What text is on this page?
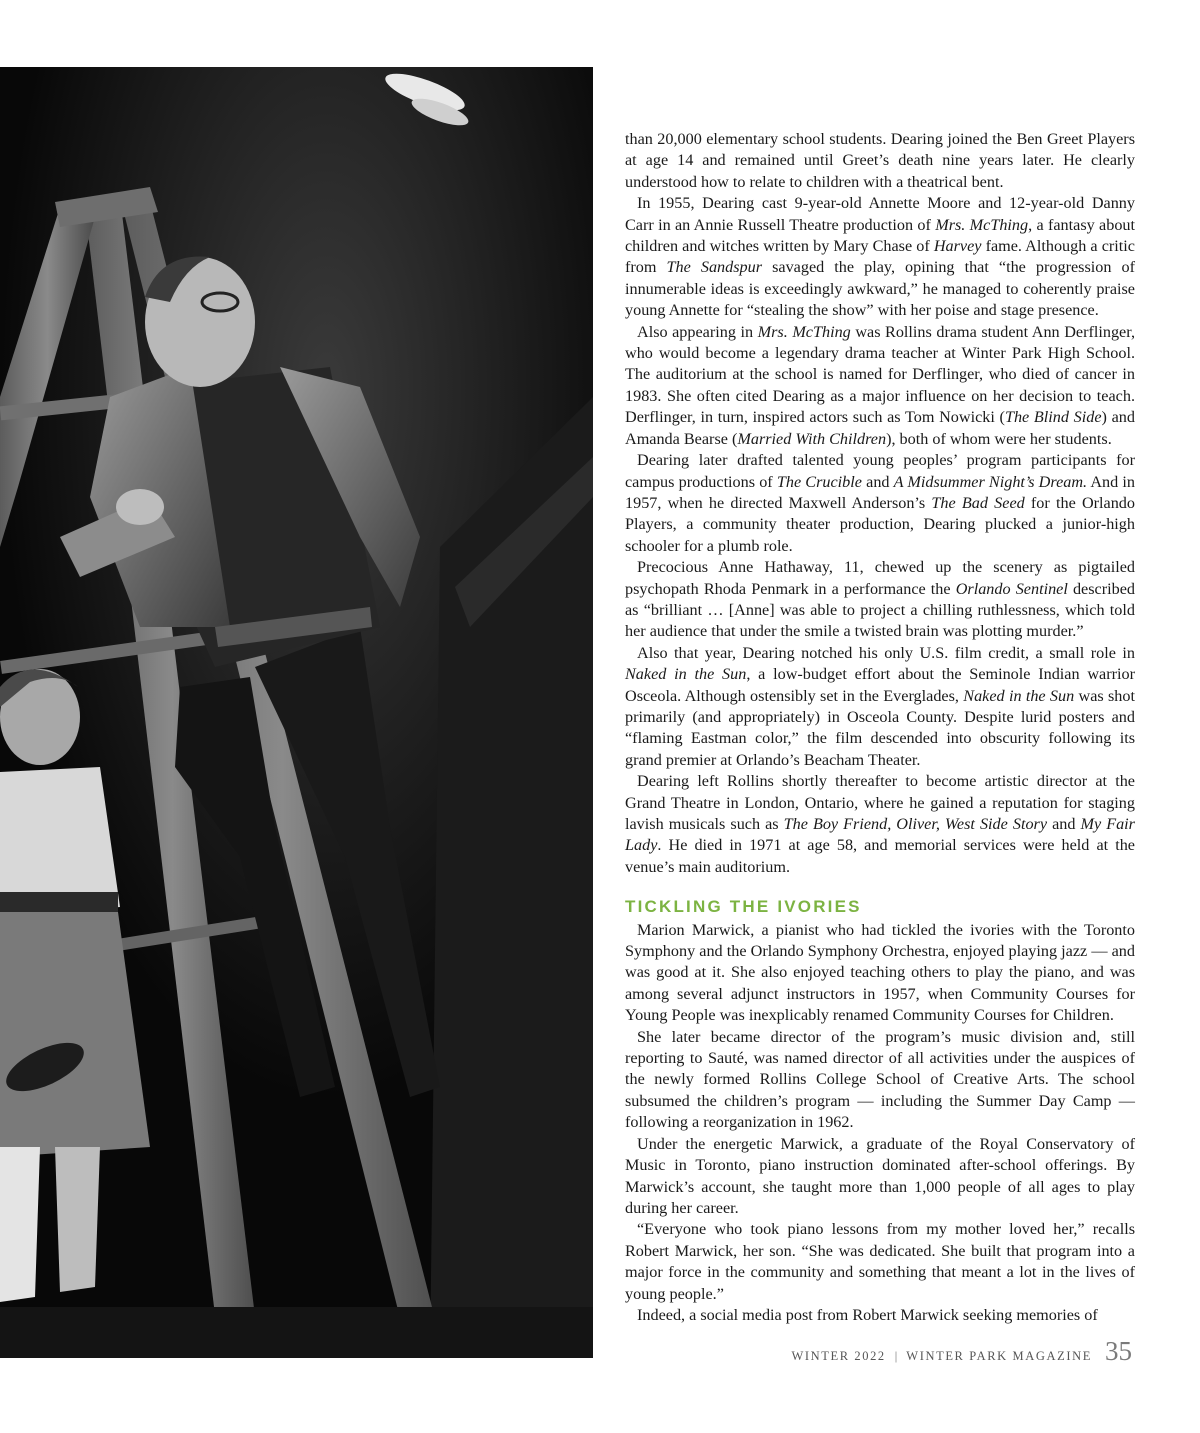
than 20,000 elementary school students. Dearing joined the Ben Greet Players at age 14 and remained until Greet’s death nine years later. He clearly understood how to relate to children with a theatrical bent.

In 1955, Dearing cast 9-year-old Annette Moore and 12-year-old Danny Carr in an Annie Russell Theatre production of Mrs. McThing, a fantasy about children and witches written by Mary Chase of Harvey fame. Although a critic from The Sandspur savaged the play, opining that “the progression of innumerable ideas is exceedingly awkward,” he managed to coherently praise young Annette for “stealing the show” with her poise and stage presence.

Also appearing in Mrs. McThing was Rollins drama student Ann Derflinger, who would become a legendary drama teacher at Winter Park High School. The auditorium at the school is named for Derflinger, who died of cancer in 1983. She often cited Dearing as a major influence on her decision to teach. Derflinger, in turn, inspired actors such as Tom Nowicki (The Blind Side) and Amanda Bearse (Married With Children), both of whom were her students.

Dearing later drafted talented young peoples’ program participants for campus productions of The Crucible and A Midsummer Night’s Dream. And in 1957, when he directed Maxwell Anderson’s The Bad Seed for the Orlando Players, a community theater production, Dearing plucked a junior-high schooler for a plumb role.

Precocious Anne Hathaway, 11, chewed up the scenery as pigtailed psychopath Rhoda Penmark in a performance the Orlando Sentinel described as “brilliant … [Anne] was able to project a chilling ruthlessness, which told her audience that under the smile a twisted brain was plotting murder.”

Also that year, Dearing notched his only U.S. film credit, a small role in Naked in the Sun, a low-budget effort about the Seminole Indian warrior Osceola. Although ostensibly set in the Everglades, Naked in the Sun was shot primarily (and appropriately) in Osceola County. Despite lurid posters and “flaming Eastman color,” the film descended into obscurity following its grand premier at Orlando’s Beacham Theater.

Dearing left Rollins shortly thereafter to become artistic director at the Grand Theatre in London, Ontario, where he gained a reputation for staging lavish musicals such as The Boy Friend, Oliver, West Side Story and My Fair Lady. He died in 1971 at age 58, and memorial services were held at the venue’s main auditorium.

TICKLING THE IVORIES

Marion Marwick, a pianist who had tickled the ivories with the Toronto Symphony and the Orlando Symphony Orchestra, enjoyed playing jazz — and was good at it. She also enjoyed teaching others to play the piano, and was among several adjunct instructors in 1957, when Community Courses for Young People was inexplicably renamed Community Courses for Children.

She later became director of the program’s music division and, still reporting to Sauté, was named director of all activities under the auspices of the newly formed Rollins College School of Creative Arts. The school subsumed the children’s program — including the Summer Day Camp — following a reorganization in 1962.

Under the energetic Marwick, a graduate of the Royal Conservatory of Music in Toronto, piano instruction dominated after-school offerings. By Marwick’s account, she taught more than 1,000 people of all ages to play during her career.

“Everyone who took piano lessons from my mother loved her,” recalls Robert Marwick, her son. “She was dedicated. She built that program into a major force in the community and something that meant a lot in the lives of young people.”

Indeed, a social media post from Robert Marwick seeking memories of

WINTER 2022 | WINTER PARK MAGAZINE 35
